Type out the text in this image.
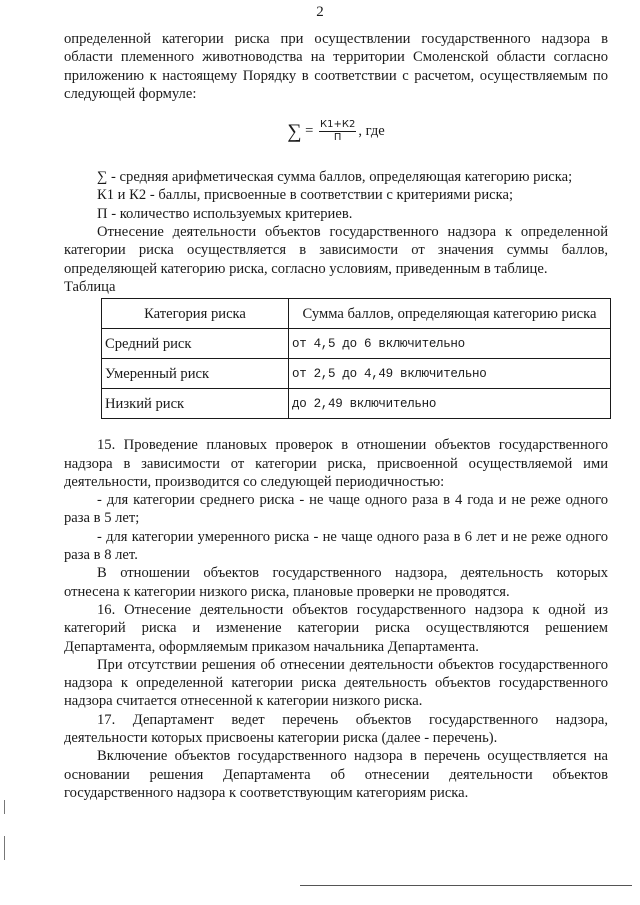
2

определенной категории риска при осуществлении государственного надзора в области племенного животноводства на территории Смоленской области согласно приложению к настоящему Порядку в соответствии с расчетом, осуществляемым по следующей формуле:

∑ = $\frac{К1+К2}{П}$ , где

∑ - средняя арифметическая сумма баллов, определяющая категорию риска;

К1 и К2 - баллы, присвоенные в соответствии с критериями риска;

П - количество используемых критериев.

Отнесение деятельности объектов государственного надзора к определенной категории риска осуществляется в зависимости от значения суммы баллов, определяющей категорию риска, согласно условиям, приведенным в таблице.

Таблица

Категория риска	Сумма баллов, определяющая категорию риска
Средний риск	от 4,5 до 6 включительно
Умеренный риск	от 2,5 до 4,49 включительно
Низкий риск	до 2,49 включительно

15. Проведение плановых проверок в отношении объектов государственного надзора в зависимости от категории риска, присвоенной осуществляемой ими деятельности, производится со следующей периодичностью:

- для категории среднего риска - не чаще одного раза в 4 года и не реже одного раза в 5 лет;

- для категории умеренного риска - не чаще одного раза в 6 лет и не реже одного раза в 8 лет.

В отношении объектов государственного надзора, деятельность которых отнесена к категории низкого риска, плановые проверки не проводятся.

16. Отнесение деятельности объектов государственного надзора к одной из категорий риска и изменение категории риска осуществляются решением Департамента, оформляемым приказом начальника Департамента.

При отсутствии решения об отнесении деятельности объектов государственного надзора к определенной категории риска деятельность объектов государственного надзора считается отнесенной к категории низкого риска.

17. Департамент ведет перечень объектов государственного надзора, деятельности которых присвоены категории риска (далее - перечень).

Включение объектов государственного надзора в перечень осуществляется на основании решения Департамента об отнесении деятельности объектов государственного надзора к соответствующим категориям риска.
